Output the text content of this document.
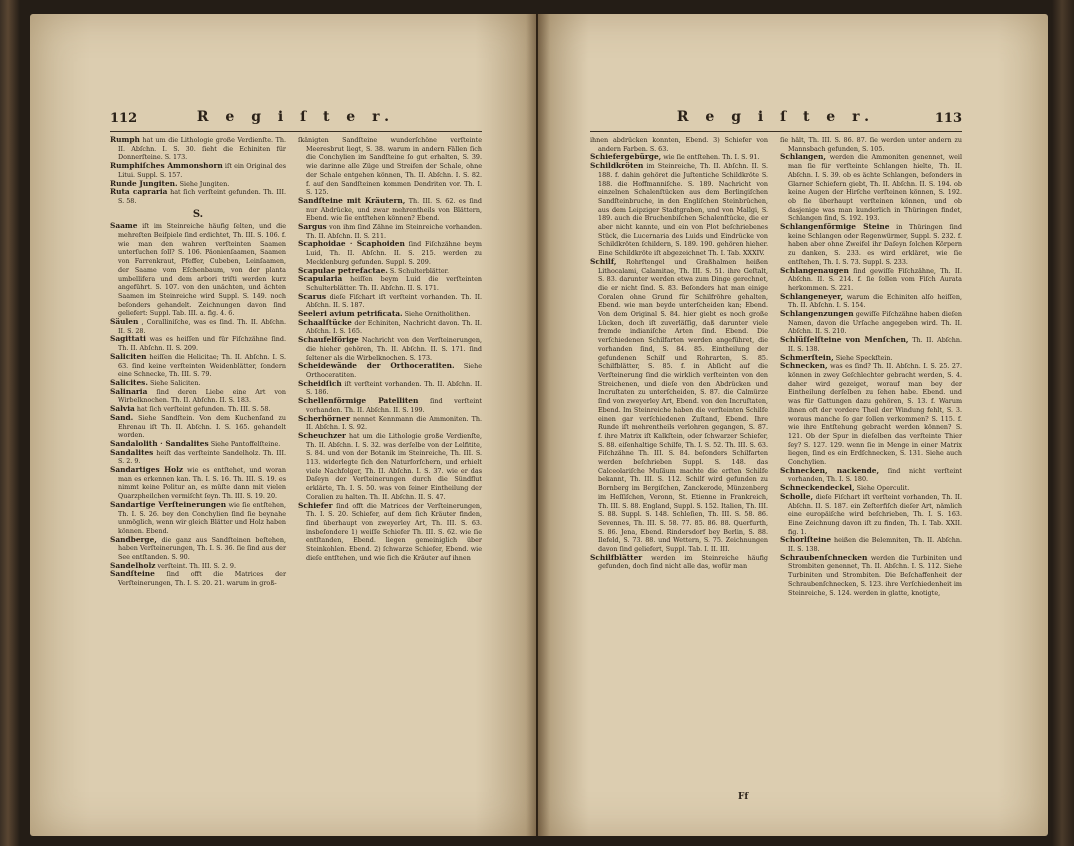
112	R e g i ſ t e r.
Rumph hat um die Lithologie große Verdienſte. Th. II. Abſchn. I. S. 30. ſieht die Echiniten für Donnerſteine. S. 173.
Rumphiſches Ammonshorn iſt ein Original des Litui. Suppl. S. 157.
Runde Jungiten. Siehe Jungiten.
Ruta capraria hat ſich verſteint gefunden. Th. III. S. 58.
S.
Saame iſt im Steinreiche häufig ſelten, und die mehreſten Beiſpiele ſind erdichtet, Th. III. S. 106. f. wie man den wahren verſteinten Saamen unterſuchen ſoll? S. 106. Päonienſaamen, Saamen von Farrenkraut, Pfeffer, Cubeben, Leinſaamen, der Saame vom Eſchenbaum, von der planta umbellifera und dem arbori triſti werden kurz angeführt. S. 107. von den unächten, und ächten Saamen im Steinreiche wird Suppl. S. 149. noch beſonders gehandelt. Zeichnungen davon ſind geliefert: Suppl. Tab. III. a. fig. 4. 6.
Säulen , Coralliniſche, was es ſind. Th. II. Abſchn. II. S. 28.
Sagittati was es heiſſen und für Fiſchzähne ſind. Th. II. Abſchn. II. S. 209.
Saliciten heiſſen die Helicitae; Th. II. Abſchn. I. S. 63. ſind keine verſteinten Weidenblätter, ſondern eine Schnecke, Th. III. S. 79.
Salicites. Siehe Saliciten.
Salinaria ſind deren Liebe eine Art von Wirbelknochen. Th. II. Abſchn. II. S. 183.
Salvia hat ſich verſteint gefunden. Th. III. S. 58.
Sand. Siehe Sandſtein. Von dem Kuchenſand zu Ehrenau iſt Th. II. Abſchn. I. S. 165. gehandelt worden.
Sandalolith · Sandalites Siehe Pantoffelſteine.
Sandalites heiſt das verſteinte Sandelholz. Th. III. S. 2. 9.
Sandartiges Holz wie es entſtehet, und woran man es erkennen kan. Th. I. S. 16. Th. III. S. 19. es nimmt keine Politur an, es müſte dann mit vielen Quarzpheilchen vermiſcht ſeyn. Th. III. S. 19. 20.
Sandartige Verſteinerungen wie ſie entſtehen, Th. I. S. 26. bey den Conchylien ſind ſie beynahe unmöglich, wenn wir gleich Blätter und Holz haben können. Ebend.
Sandberge, die ganz aus Sandſteinen beſtehen, haben Verſteinerungen, Th. I. S. 36. ſie ſind aus der See entſtanden. S. 90.
Sandelholz verſteint. Th. III. S. 2. 9.
Sandſteine ſind offt die Matrices der Verſteinerungen, Th. I. S. 20. 21. warum in groß-
ſkänigten Sandſteine wunderſchöne verſteinte Meeresbrut liegt, S. 38. warum in andern Fällen ſich die Conchylien im Sandſteine ſo gut erhalten, S. 39. wie darinne alle Züge und Streifen der Schale, ohne der Schale entgehen können, Th. II. Abſchn. I. S. 82. f. auf den Sandſteinen kommen Dendriten vor. Th. I. S. 125.
Sandſteine mit Kräutern, Th. III. S. 62. es ſind nur Abdrücke, und zwar mehrentheils von Blättern, Ebend. wie ſie entſtehen können? Ebend.
Sargus von ihm ſind Zähne im Steinreiche vorhanden. Th. II. Abſchn. II. S. 211.
Scaphoidae · Scaphoiden ſind Fiſchzähne beym Luid, Th. II. Abſchn. II. S. 215. werden zu Mecklenburg gefunden. Suppl. S. 209.
Scapulae petrefactae. S. Schulterblätter.
Scapularia heiſſen beym Luid die verſteinten Schulterblätter. Th. II. Abſchn. II. S. 171.
Scarus dieſe Fiſchart iſt verſteint vorhanden. Th. II. Abſchn. II. S. 187.
Seeleri avium petrificata. Siehe Ornitholithen.
Schaalſtücke der Echiniten, Nachricht davon. Th. II. Abſchn. I. S. 165.
Schaufelförige Nachricht von den Verſteinerungen, die hieher gehören, Th. II. Abſchn. II. S. 171. ſind ſeltener als die Wirbelknochen. S. 173.
Scheidewände der Orthoceratiten. Siehe Orthoceratiten.
Scheidſich iſt verſteint vorhanden. Th. II. Abſchn. II. S. 186.
Schellenförmige Patelliten ſind verſteint vorhanden. Th. II. Abſchn. II. S. 199.
Scherhörner nennet Kennmann die Ammoniten. Th. II. Abſchn. I. S. 92.
Scheuchzer hat um die Lithologie große Verdienſte, Th. II. Abſchn. I. S. 32. was derſelbe von der Lelfitite, S. 84. und von der Botanik im Steinreiche, Th. III. S. 113. widerlegte ſich den Naturforſchern, und erhielt viele Nachfolger, Th. II. Abſchn. I. S. 37. wie er das Daſeyn der Verſteinerungen durch die Sündflut erklärte, Th. I. S. 50. was von ſeiner Eintheilung der Coralien zu halten. Th. II. Abſchn. II. S. 47.
Schiefer ſind offt die Matrices der Verſteinerungen, Th. I. S. 20. Schiefer, auf dem ſich Kräuter finden, ſind überhaupt von zweyerley Art, Th. III. S. 63. insbeſondere 1) weiſſe Schiefer Th. III. S. 62. wie ſie entſtanden, Ebend. liegen gemeiniglich über Steinkohlen. Ebend. 2) ſchwarze Schiefer, Ebend. wie dieſe entſtehen, und wie ſich die Kräuter auf ihnen
R e g i ſ t e r.	113
ihnen abdrücken konnten, Ebend. 3) Schiefer von andern Farben. S. 63.
Schiefergebürge, wie ſie entſtehen. Th. I. S. 91.
Schildkröten im Steinreiche, Th. II. Abſchn. II. S. 188. f. dahin gehöret die Juſtentiche Schildkröte S. 188. die Hoffmanniſche. S. 189. Nachricht von einzelnen Schalenſtücken aus dem Berlingiſchen Sandſteinbruche, in den Engliſchen Steinbrüchen, aus dem Leipziger Stadtgraben, und von Mallgi, S. 189. auch die Bruchenbiſchen Schalenſtücke, die er aber nicht kannte, und ein von Plot beſchriebenes Stück, die Lucernaria des Luids und Eindrücke von Schildkröten ſchildern, S. 189. 190. gehören hieher. Eine Schildkröte iſt abgezeichnet Th. I. Tab. XXXIV.
Schilf, Rohrſtengel und Graßhalmen heißen Lithocalami, Calamitae, Th. III. S. 51. ihre Geſtalt, S. 83. darunter werden etwa zum Dinge gerechnet, die er nicht ſind. S. 83. Beſonders hat man einige Coralen ohne Grund für Schilfröhre gehalten, Ebend. wie man beyde unterſcheiden kan; Ebend. Von dem Original S. 84. hier giebt es noch große Lücken, doch iſt zuverläſſig, daß darunter viele fremde indianiſche Arten ſind. Ebend. Die verſchiedenen Schilfarten werden angeführet, die vorhanden ſind, S. 84. 85. Eintheilung der gefundenen Schilf und Rohrarten, S. 85. Schilfblätter, S. 85. f. in Abſicht auf die Verſteinerung ſind die wirklich verſteinten von den Streichenen, und dieſe von den Abdrücken und Incruſtaten zu unterſcheiden, S. 87. die Calmürze ſind von zweyerley Art, Ebend. von den Incruſtaten, Ebend. Im Steinreiche haben die verſteinten Schilfe einen gar verſchiedenen Zuſtand, Ebend. Ihre Runde iſt mehrentheils verlohren gegangen, S. 87. f. ihre Matrix iſt Kalkſtein, oder ſchwarzer Schiefer, S. 88. eiſenhaltige Schilfe, Th. I. S. 52. Th. III. S. 63. Fiſchzähne Th. III. S. 84. beſonders Schilfarten werden beſchrieben Suppl. S. 148. das Calceolariſche Muſäum machte die erſten Schilfe bekannt, Th. III. S. 112. Schilf wird gefunden zu Bornberg im Bergiſchen, Zanckerode, Münzenberg im Heſſiſchen, Veronn, St. Etienne in Frankreich, Th. III. S. 88. England, Suppl. S. 152. Italien, Th. III. S. 88. Suppl. S. 148. Schleſien, Th. III. S. 58. 86. Sevennes, Th. III. S. 58. 77. 85. 86. 88. Querfurth, S. 86. Jena, Ebend. Rindersdorf bey Berlin, S. 88. Ilefeld, S. 73. 88. und Wettern, S. 75. Zeichnungen davon ſind geliefert, Suppl. Tab. I. II. III.
Schilfblätter werden im Steinreiche häufig gefunden, doch ſind nicht alle das, wofür man
ſie hält, Th. III. S. 86. 87. ſie werden unter andern zu Mannsbach gefunden, S. 105.
Schlangen, werden die Ammoniten genennet, weil man ſie für verſteinte Schlangen hielte, Th. II. Abſchn. I. S. 39. ob es ächte Schlangen, beſonders in Glarner Schiefern giebt, Th. II. Abſchn. II. S. 194. ob keine Augen der Hirſche verſteinen können, S. 192. ob ſie überhaupt verſteinen können, und ob dasjenige was man kunderlich in Thüringen findet, Schlangen ſind, S. 192. 193.
Schlangenförmige Steine in Thüringen ſind keine Schlangen oder Regenwürmer, Suppl. S. 232. f. haben aber ohne Zweifel ihr Daſeyn ſolchen Körpern zu danken, S. 233. es wird erkläret, wie ſie entſtehen, Th. I. S. 73. Suppl. S. 233.
Schlangenaugen ſind gewiſſe Fiſchzähne, Th. II. Abſchn. II. S. 214. f. ſie ſollen vom Fiſch Aurata herkommen. S. 221.
Schlangeneyer, warum die Echiniten alſo heiſſen, Th. II. Abſchn. I. S. 154.
Schlangenzungen gewiſſe Fiſchzähne haben dieſen Namen, davon die Urſache angegeben wird. Th. II. Abſchn. II. S. 210.
Schlüſſelſteine von Menſchen, Th. II. Abſchn. II. S. 138.
Schmerſtein, Siehe Speckſtein.
Schnecken, was es ſind? Th. II. Abſchn. I. S. 25. 27. können in zwey Geſchlechter gebracht werden, S. 4. daher wird gezeiget, worauf man bey der Eintheilung derſelben zu ſehen habe. Ebend. und was für Gattungen dazu gehören, S. 13. f. Warum ihnen oft der vordere Theil der Windung fehlt, S. 3. woraus manche ſo gar ſollen verkommen? S. 115. f. wie ihre Entſtehung gebracht werden können? S. 121. Ob der Spur in dieſelben das verſteinte Thier ſey? S. 127. 129. wenn ſie in Menge in einer Matrix liegen, ſind es ein Erdſchnecken, S. 131. Siehe auch Conchylien.
Schnecken, nackende, ſind nicht verſteint vorhanden, Th. I. S. 180.
Schneckendeckel, Siehe Operculit.
Scholle, dieſe Fiſchart iſt verſteint vorhanden, Th. II. Abſchn. II. S. 187. ein Zeſterfiſch dieſer Art, nämlich eine europäiſche wird beſchrieben, Th. I. S. 163. Eine Zeichnung davon iſt zu finden, Th. I. Tab. XXII. fig. 1.
Schorlſteine heißen die Belemniten, Th. II. Abſchn. II. S. 138.
Schraubenſchnecken werden die Turbiniten und Strombiten genennet, Th. II. Abſchn. I. S. 112. Siehe Turbiniten und Strombiten. Die Beſchaffenheit der Schraubenſchnecken, S. 123. ihre Verſchiedenheit im Steinreiche, S. 124. werden in glatte, knotigte,
Ff
